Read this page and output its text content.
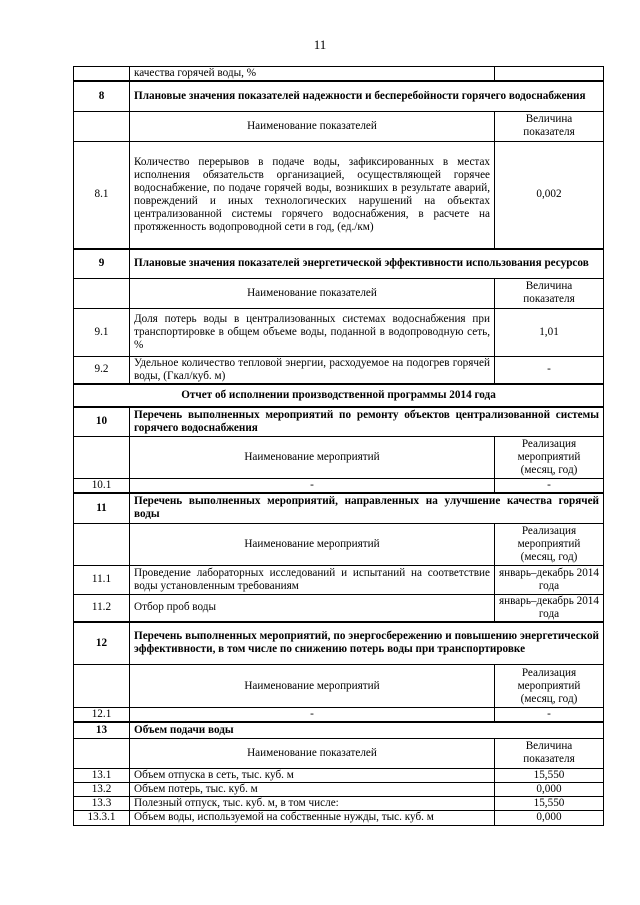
11
	качества горячей воды, %	
8	Плановые значения показателей надежности и бесперебойности горячего водоснабжения	
	Наименование показателей	Величина показателя
8.1	Количество перерывов в подаче воды, зафиксированных в местах исполнения обязательств организацией, осуществляющей горячее водоснабжение, по подаче горячей воды, возникших в результате аварий, повреждений и иных технологических нарушений на объектах централизованной системы горячего водоснабжения, в расчете на протяженность водопроводной сети в год, (ед./км)	0,002
9	Плановые значения показателей энергетической эффективности использования ресурсов	
	Наименование показателей	Величина показателя
9.1	Доля потерь воды в централизованных системах водоснабжения при транспортировке в общем объеме воды, поданной в водопроводную сеть, %	1,01
9.2	Удельное количество тепловой энергии, расходуемое на подогрев горячей воды, (Гкал/куб. м)	-
Отчет об исполнении производственной программы 2014 года		
10	Перечень выполненных мероприятий по ремонту объектов централизованной системы горячего водоснабжения	
	Наименование мероприятий	Реализация мероприятий (месяц, год)
10.1	-	-
11	Перечень выполненных мероприятий, направленных на улучшение качества горячей воды	
	Наименование мероприятий	Реализация мероприятий (месяц, год)
11.1	Проведение лабораторных исследований и испытаний на соответствие воды установленным требованиям	январь–декабрь 2014 года
11.2	Отбор проб воды	январь–декабрь 2014 года
12	Перечень выполненных мероприятий, по энергосбережению и повышению энергетической эффективности, в том числе по снижению потерь воды при транспортировке	
	Наименование мероприятий	Реализация мероприятий (месяц, год)
12.1	-	-
13	Объем подачи воды	
	Наименование показателей	Величина показателя
13.1	Объем отпуска в сеть, тыс. куб. м	15,550
13.2	Объем потерь, тыс. куб. м	0,000
13.3	Полезный отпуск, тыс. куб. м, в том числе:	15,550
13.3.1	Объем воды, используемой на собственные нужды, тыс. куб. м	0,000
